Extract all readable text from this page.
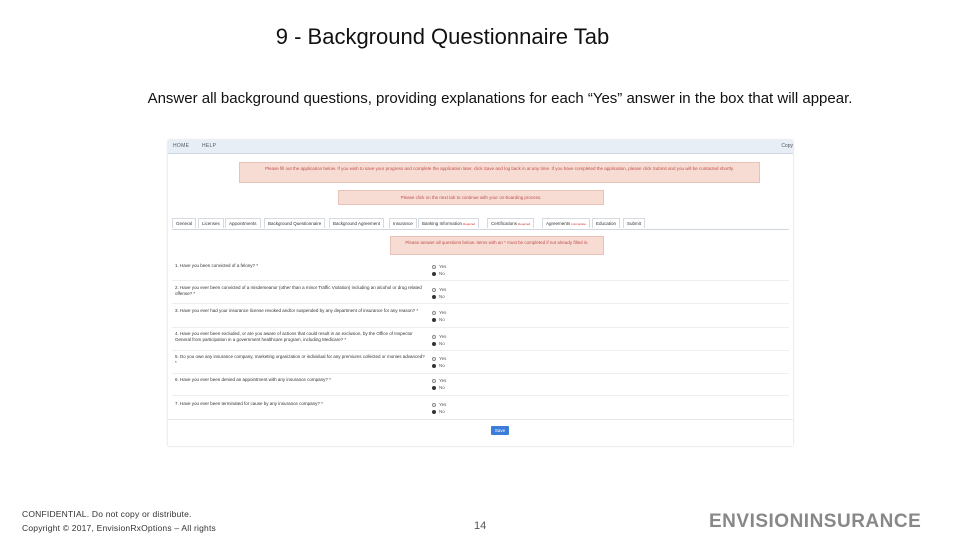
9 - Background Questionnaire Tab
Answer all background questions, providing explanations for each “Yes” answer in the box that will appear.
HOME	HELP	Copy
Please fill out the application below. If you wish to save your progress and complete the application later, click Save and log back in at any time. If you have completed the application, please click Submit and you will be contacted shortly.
Please click on the next tab to continue with your on-boarding process.
General	Licenses	Appointments	Background Questionnaire	Background Agreement	Insurance	Banking InformationRequired	CertificationsRequired	AgreementsIncomplete	Education	Submit
Please answer all questions below. Items with an * must be completed if not already filled in.
1. Have you been convicted of a felony? *	Yes
No
2. Have you ever been convicted of a misdemeanor (other than a minor Traffic Violation) including an alcohol or drug related offense? *
Yes
No
3. Have you ever had your insurance license revoked and/or suspended by any department of insurance for any reason? *	Yes
No
4. Have you ever been excluded, or are you aware of actions that could result in an exclusion, by the Office of Inspector General from participation in a government healthcare program, including Medicare? *
Yes
No
5. Do you owe any insurance company, marketing organization or individual for any premiums collected or monies advanced? *
Yes
No
6. Have you ever been denied an appointment with any insurance company? *	Yes
No
7. Have you ever been terminated for cause by any insurance company? *	Yes
No
Save
CONFIDENTIAL. Do not copy or distribute.
Copyright © 2017, EnvisionRxOptions – All rights	14	ENVISIONINSURANCE
